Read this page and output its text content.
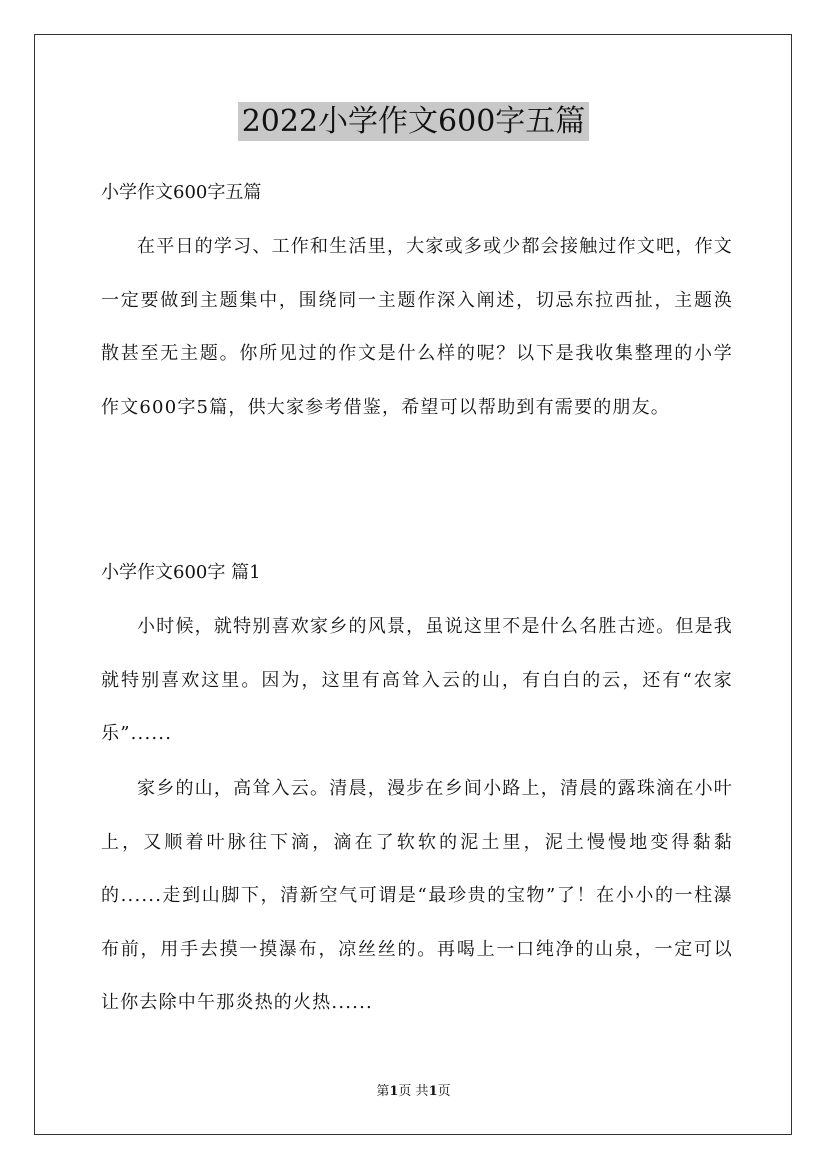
2022小学作文600字五篇
小学作文600字五篇

在平日的学习、工作和生活里，大家或多或少都会接触过作文吧，作文一定要做到主题集中，围绕同一主题作深入阐述，切忌东拉西扯，主题涣散甚至无主题。你所见过的作文是什么样的呢？以下是我收集整理的小学作文600字5篇，供大家参考借鉴，希望可以帮助到有需要的朋友。

小学作文600字 篇1

小时候，就特别喜欢家乡的风景，虽说这里不是什么名胜古迹。但是我就特别喜欢这里。因为，这里有高耸入云的山，有白白的云，还有“农家乐”......

家乡的山，高耸入云。清晨，漫步在乡间小路上，清晨的露珠滴在小叶上，又顺着叶脉往下滴，滴在了软软的泥土里，泥土慢慢地变得黏黏的......走到山脚下，清新空气可谓是“最珍贵的宝物”了！在小小的一柱瀑布前，用手去摸一摸瀑布，凉丝丝的。再喝上一口纯净的山泉，一定可以让你去除中午那炎热的火热......

第1页 共1页
